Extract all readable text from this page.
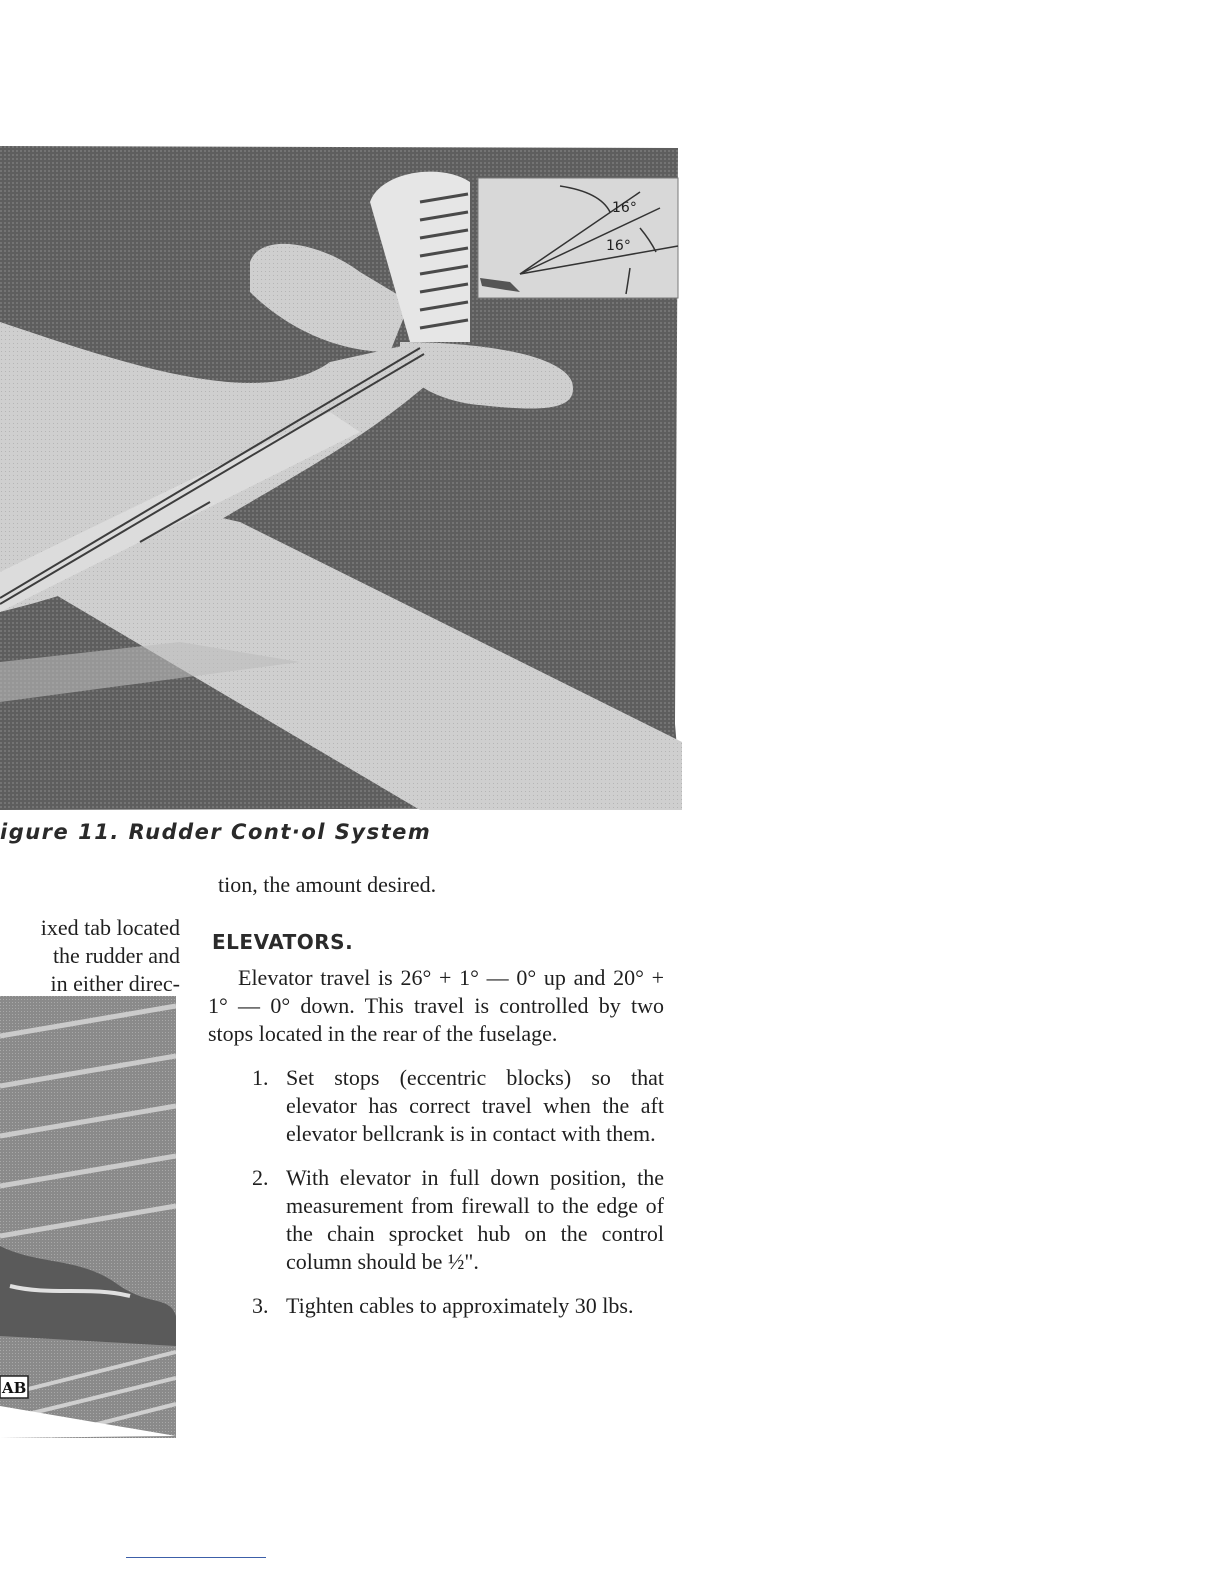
16°
16°
igure 11. Rudder Cont·ol System
ixed tab located
the rudder and
in either direc-
AB

tion, the amount desired.

ELEVATORS.

Elevator travel is 26° + 1° — 0° up and 20° + 1° — 0° down. This travel is controlled by two stops located in the rear of the fuselage.

1. Set stops (eccentric blocks) so that elevator has correct travel when the aft elevator bellcrank is in contact with them.
2. With elevator in full down position, the measurement from firewall to the edge of the chain sprocket hub on the control column should be ½".
3. Tighten cables to approximately 30 lbs.
